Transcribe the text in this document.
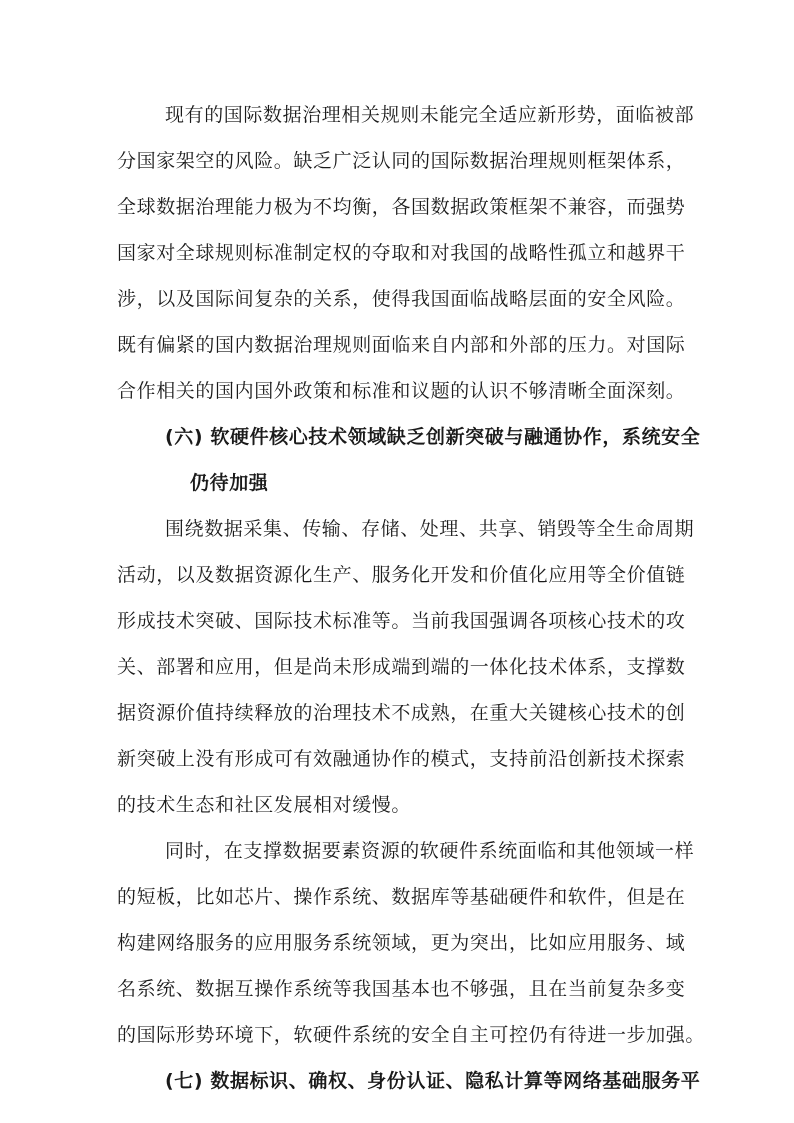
现有的国际数据治理相关规则未能完全适应新形势，面临被部
分国家架空的风险。缺乏广泛认同的国际数据治理规则框架体系，
全球数据治理能力极为不均衡，各国数据政策框架不兼容，而强势
国家对全球规则标准制定权的夺取和对我国的战略性孤立和越界干
涉，以及国际间复杂的关系，使得我国面临战略层面的安全风险。
既有偏紧的国内数据治理规则面临来自内部和外部的压力。对国际
合作相关的国内国外政策和标准和议题的认识不够清晰全面深刻。
(六) 软硬件核心技术领域缺乏创新突破与融通协作，系统安全
仍待加强
围绕数据采集、传输、存储、处理、共享、销毁等全生命周期
活动，以及数据资源化生产、服务化开发和价值化应用等全价值链
形成技术突破、国际技术标准等。当前我国强调各项核心技术的攻
关、部署和应用，但是尚未形成端到端的一体化技术体系，支撑数
据资源价值持续释放的治理技术不成熟，在重大关键核心技术的创
新突破上没有形成可有效融通协作的模式，支持前沿创新技术探索
的技术生态和社区发展相对缓慢。
同时，在支撑数据要素资源的软硬件系统面临和其他领域一样
的短板，比如芯片、操作系统、数据库等基础硬件和软件，但是在
构建网络服务的应用服务系统领域，更为突出，比如应用服务、域
名系统、数据互操作系统等我国基本也不够强，且在当前复杂多变
的国际形势环境下，软硬件系统的安全自主可控仍有待进一步加强。
(七) 数据标识、确权、身份认证、隐私计算等网络基础服务平
